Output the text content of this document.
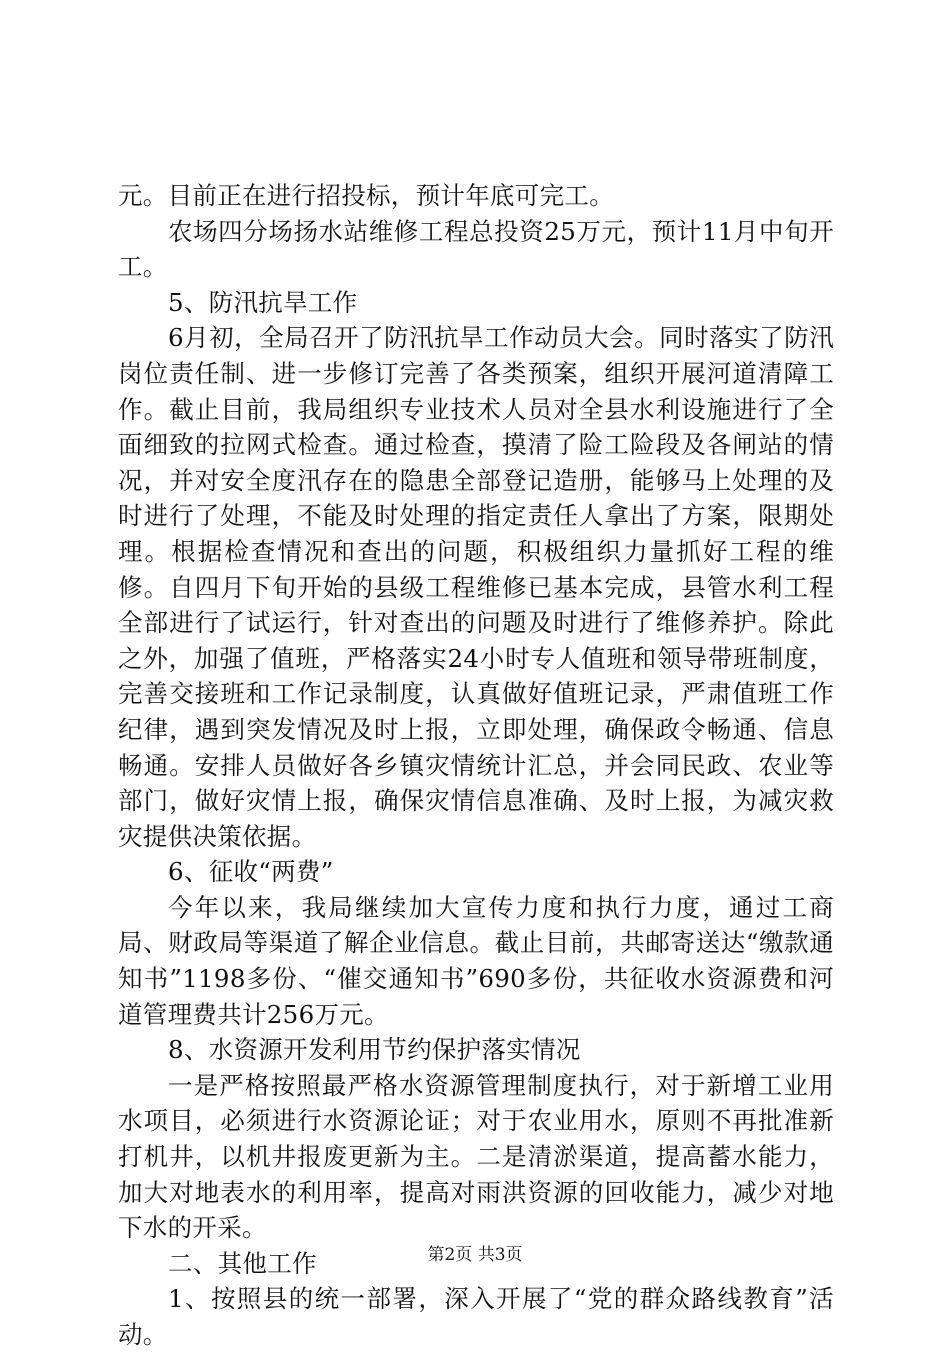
元。目前正在进行招投标，预计年底可完工。

农场四分场扬水站维修工程总投资25万元，预计11月中旬开工。

5、防汛抗旱工作

6月初，全局召开了防汛抗旱工作动员大会。同时落实了防汛岗位责任制、进一步修订完善了各类预案，组织开展河道清障工作。截止目前，我局组织专业技术人员对全县水利设施进行了全面细致的拉网式检查。通过检查，摸清了险工险段及各闸站的情况，并对安全度汛存在的隐患全部登记造册，能够马上处理的及时进行了处理，不能及时处理的指定责任人拿出了方案，限期处理。根据检查情况和查出的问题，积极组织力量抓好工程的维修。自四月下旬开始的县级工程维修已基本完成，县管水利工程全部进行了试运行，针对查出的问题及时进行了维修养护。除此之外，加强了值班，严格落实24小时专人值班和领导带班制度，完善交接班和工作记录制度，认真做好值班记录，严肃值班工作纪律，遇到突发情况及时上报，立即处理，确保政令畅通、信息畅通。安排人员做好各乡镇灾情统计汇总，并会同民政、农业等部门，做好灾情上报，确保灾情信息准确、及时上报，为减灾救灾提供决策依据。

6、征收“两费”

今年以来，我局继续加大宣传力度和执行力度，通过工商局、财政局等渠道了解企业信息。截止目前，共邮寄送达“缴款通知书”1198多份、“催交通知书”690多份，共征收水资源费和河道管理费共计256万元。

8、水资源开发利用节约保护落实情况

一是严格按照最严格水资源管理制度执行，对于新增工业用水项目，必须进行水资源论证；对于农业用水，原则不再批准新打机井，以机井报废更新为主。二是清淤渠道，提高蓄水能力，加大对地表水的利用率，提高对雨洪资源的回收能力，减少对地下水的开采。

二、其他工作

1、按照县的统一部署，深入开展了“党的群众路线教育”活动。

第2页 共3页
